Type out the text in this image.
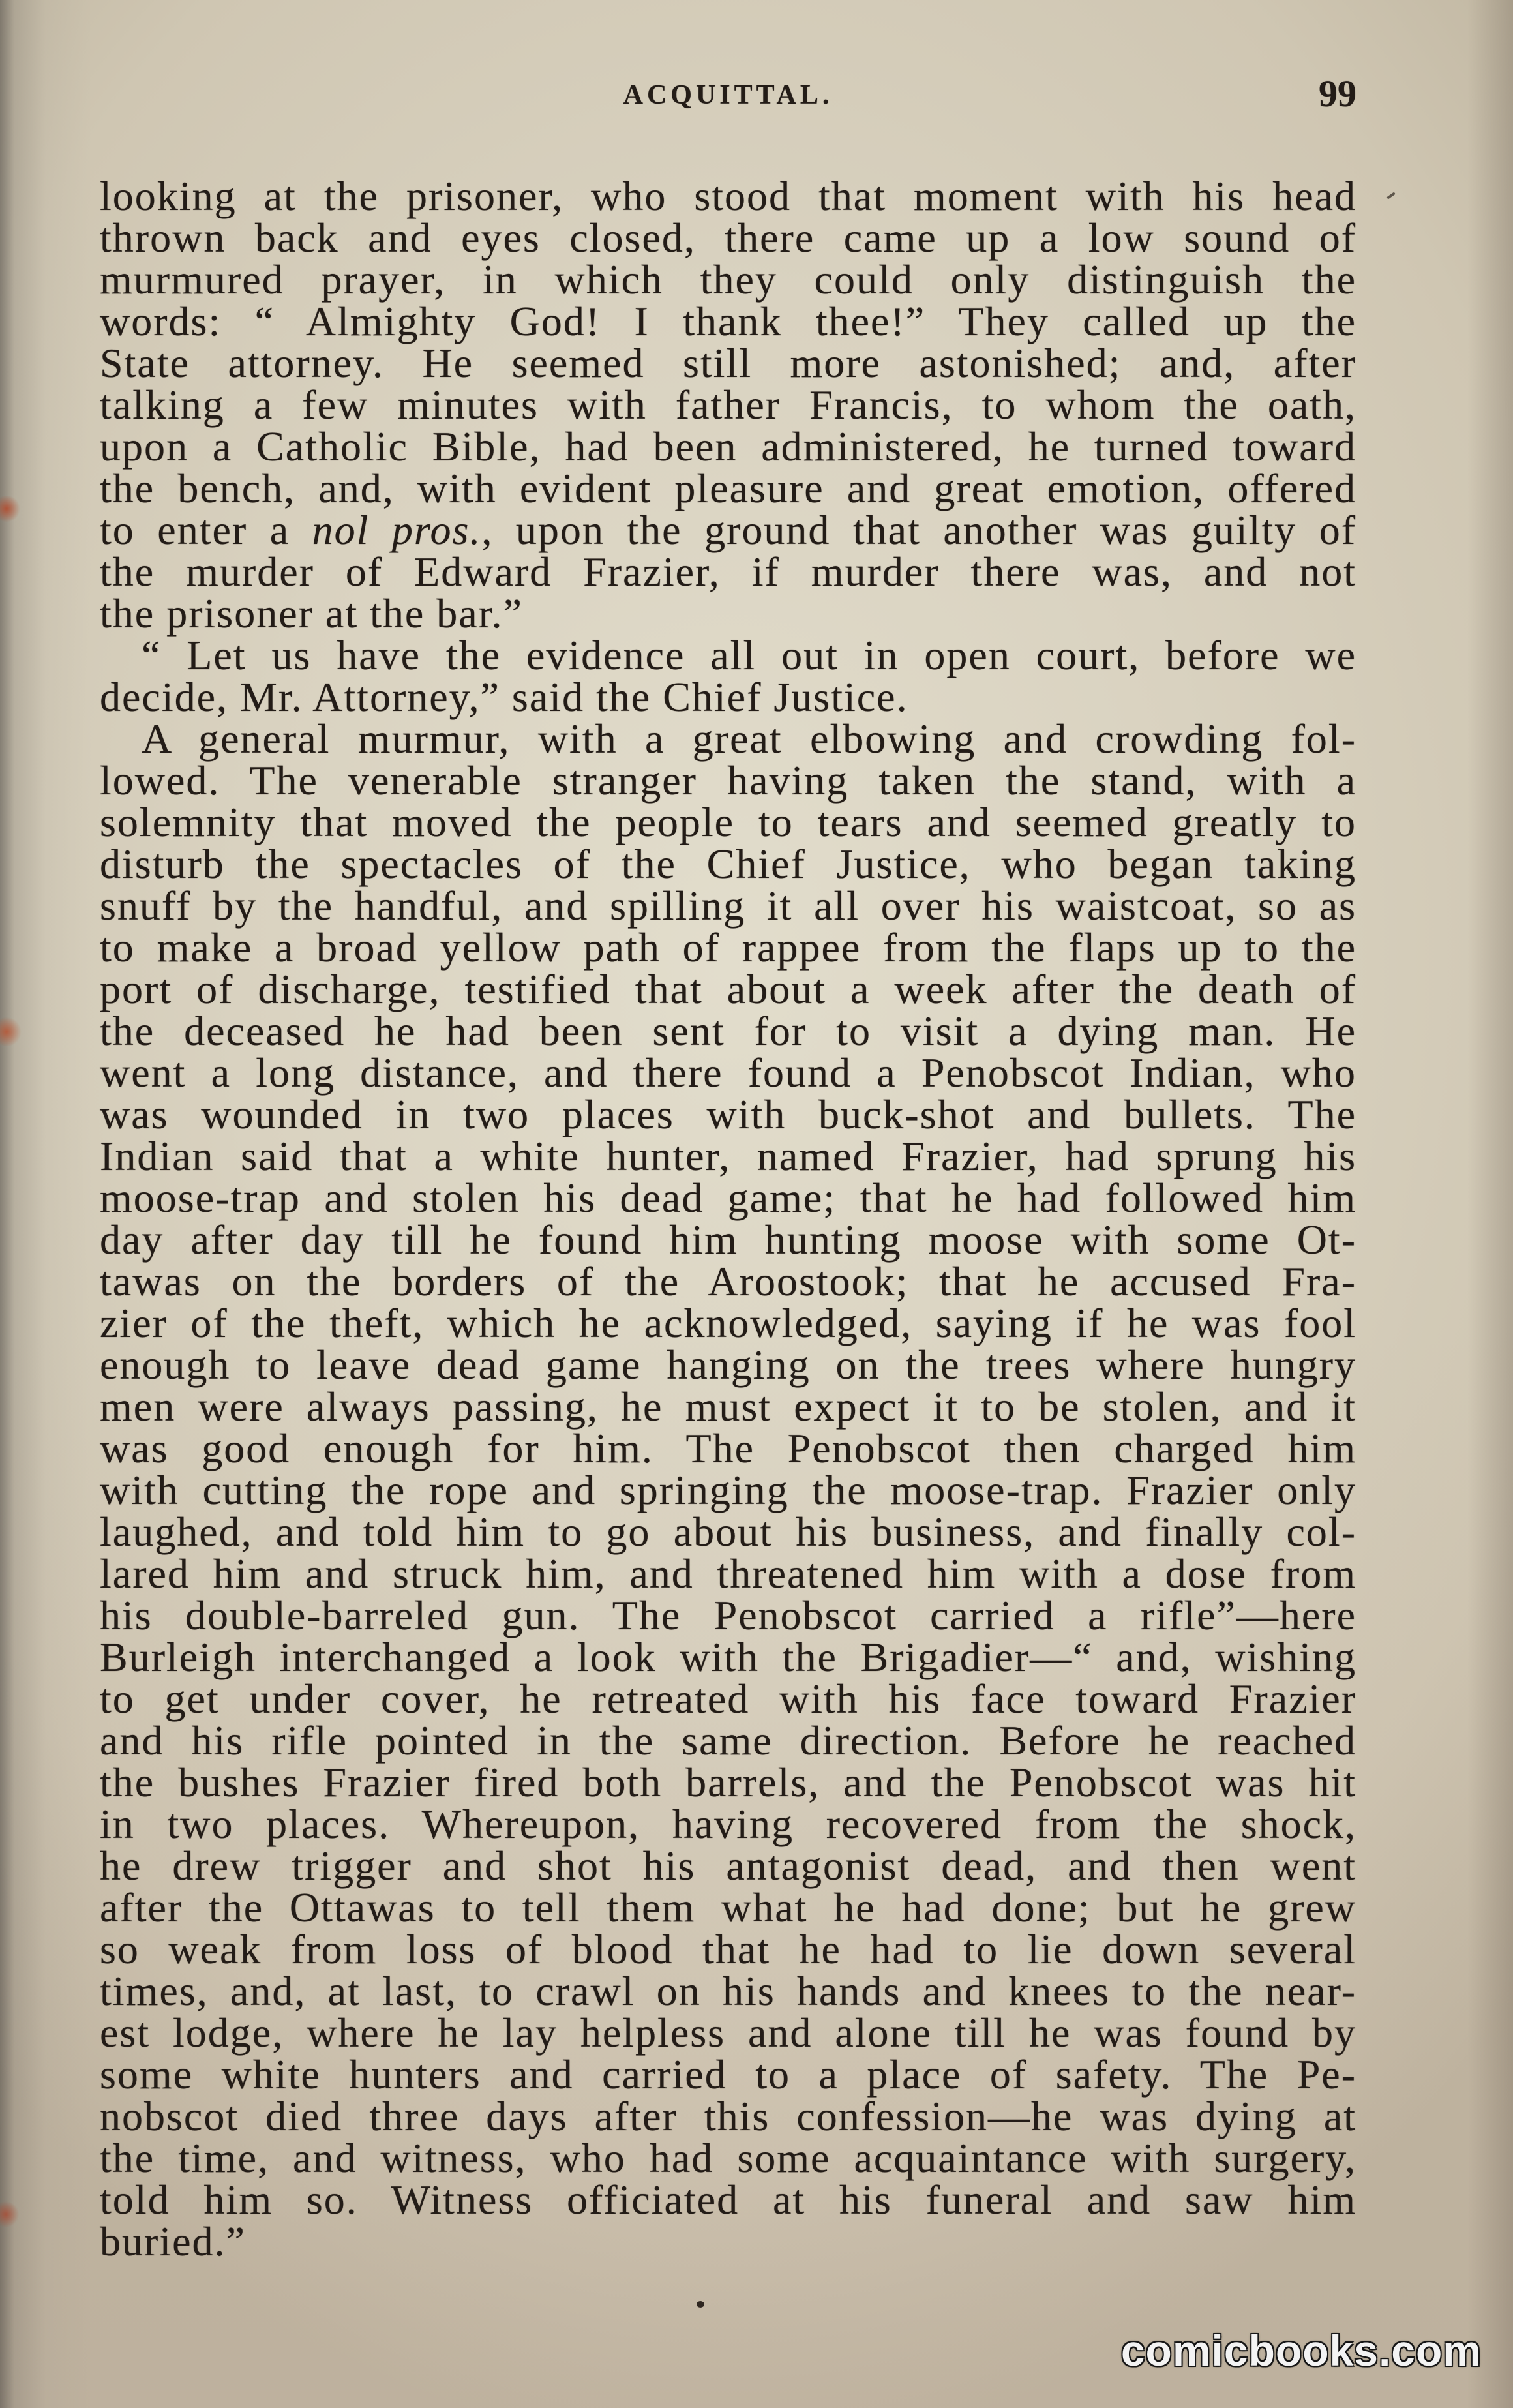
ACQUITTAL.	99
looking at the prisoner, who stood that moment with his head
thrown back and eyes closed, there came up a low sound of
murmured prayer, in which they could only distinguish the
words: “ Almighty God! I thank thee!” They called up the
State attorney. He seemed still more astonished; and, after
talking a few minutes with father Francis, to whom the oath,
upon a Catholic Bible, had been administered, he turned toward
the bench, and, with evident pleasure and great emotion, offered
to enter a nol pros., upon the ground that another was guilty of
the murder of Edward Frazier, if murder there was, and not
the prisoner at the bar.”
“ Let us have the evidence all out in open court, before we
decide, Mr. Attorney,” said the Chief Justice.
A general murmur, with a great elbowing and crowding fol-
lowed. The venerable stranger having taken the stand, with a
solemnity that moved the people to tears and seemed greatly to
disturb the spectacles of the Chief Justice, who began taking
snuff by the handful, and spilling it all over his waistcoat, so as
to make a broad yellow path of rappee from the flaps up to the
port of discharge, testified that about a week after the death of
the deceased he had been sent for to visit a dying man. He
went a long distance, and there found a Penobscot Indian, who
was wounded in two places with buck-shot and bullets. The
Indian said that a white hunter, named Frazier, had sprung his
moose-trap and stolen his dead game; that he had followed him
day after day till he found him hunting moose with some Ot-
tawas on the borders of the Aroostook; that he accused Fra-
zier of the theft, which he acknowledged, saying if he was fool
enough to leave dead game hanging on the trees where hungry
men were always passing, he must expect it to be stolen, and it
was good enough for him. The Penobscot then charged him
with cutting the rope and springing the moose-trap. Frazier only
laughed, and told him to go about his business, and finally col-
lared him and struck him, and threatened him with a dose from
his double-barreled gun. The Penobscot carried a rifle”—here
Burleigh interchanged a look with the Brigadier—“ and, wishing
to get under cover, he retreated with his face toward Frazier
and his rifle pointed in the same direction. Before he reached
the bushes Frazier fired both barrels, and the Penobscot was hit
in two places. Whereupon, having recovered from the shock,
he drew trigger and shot his antagonist dead, and then went
after the Ottawas to tell them what he had done; but he grew
so weak from loss of blood that he had to lie down several
times, and, at last, to crawl on his hands and knees to the near-
est lodge, where he lay helpless and alone till he was found by
some white hunters and carried to a place of safety. The Pe-
nobscot died three days after this confession—he was dying at
the time, and witness, who had some acquaintance with surgery,
told him so. Witness officiated at his funeral and saw him
buried.”
comicbooks.com
